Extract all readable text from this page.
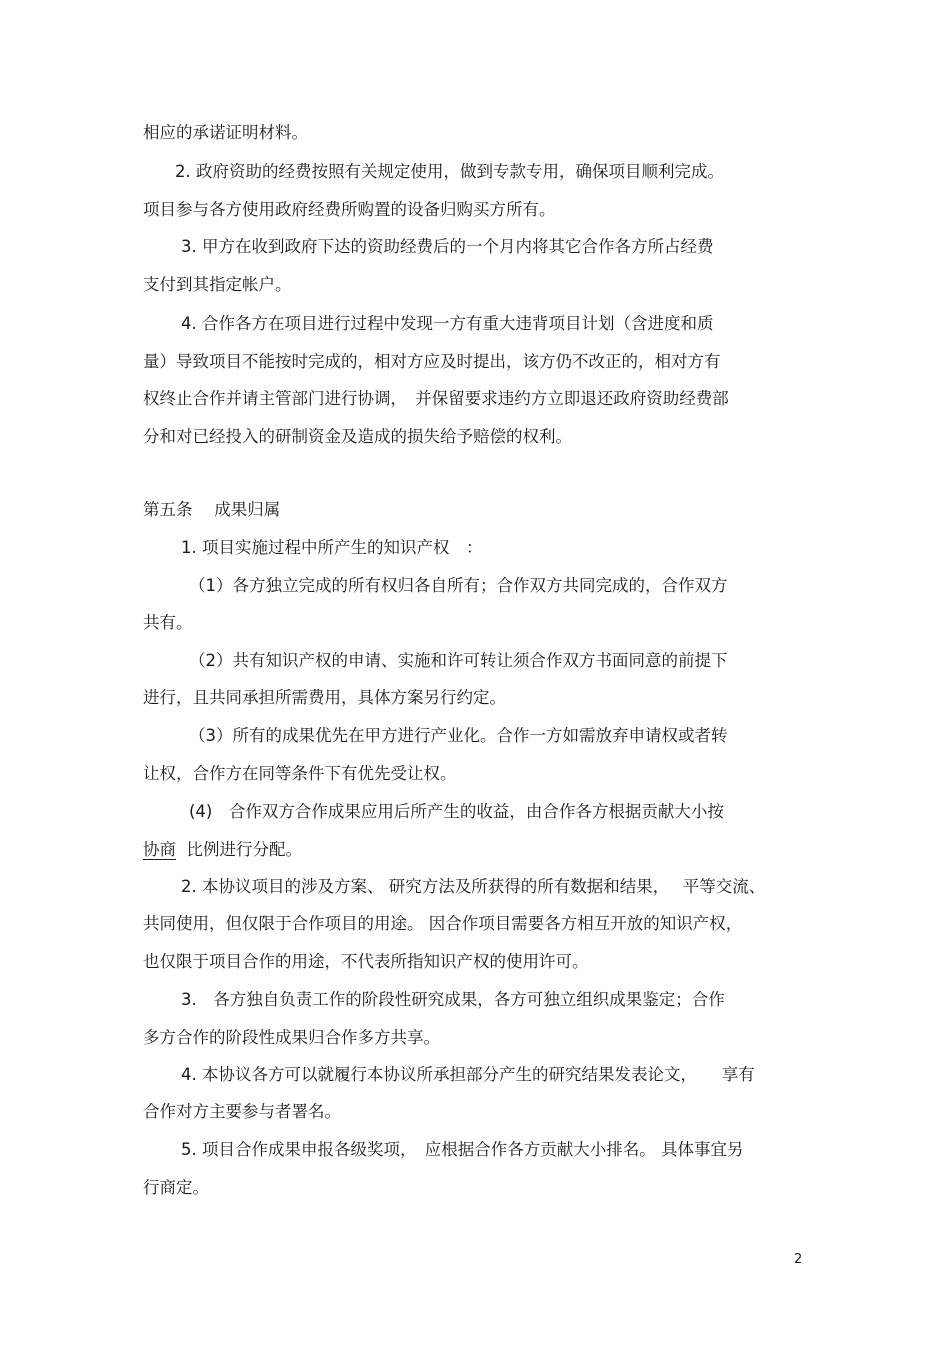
相应的承诺证明材料。
2. 政府资助的经费按照有关规定使用，做到专款专用，确保项目顺利完成。
项目参与各方使用政府经费所购置的设备归购买方所有。
3. 甲方在收到政府下达的资助经费后的一个月内将其它合作各方所占经费
支付到其指定帐户。
4. 合作各方在项目进行过程中发现一方有重大违背项目计划（含进度和质
量）导致项目不能按时完成的，相对方应及时提出，该方仍不改正的，相对方有
权终止合作并请主管部门进行协调，　并保留要求违约方立即退还政府资助经费部
分和对已经投入的研制资金及造成的损失给予赔偿的权利。
第五条　 成果归属
1. 项目实施过程中所产生的知识产权　：
（1）各方独立完成的所有权归各自所有；合作双方共同完成的，合作双方
共有。
（2）共有知识产权的申请、实施和许可转让须合作双方书面同意的前提下
进行，且共同承担所需费用，具体方案另行约定。
（3）所有的成果优先在甲方进行产业化。合作一方如需放弃申请权或者转
让权，合作方在同等条件下有优先受让权。
(4)　合作双方合作成果应用后所产生的收益，由合作各方根据贡献大小按
协商 比例进行分配。
2. 本协议项目的涉及方案、 研究方法及所获得的所有数据和结果，　 平等交流、
共同使用，但仅限于合作项目的用途。 因合作项目需要各方相互开放的知识产权，
也仅限于项目合作的用途，不代表所指知识产权的使用许可。
3.　各方独自负责工作的阶段性研究成果，各方可独立组织成果鉴定；合作
多方合作的阶段性成果归合作多方共享。
4. 本协议各方可以就履行本协议所承担部分产生的研究结果发表论文，　　享有
合作对方主要参与者署名。
5. 项目合作成果申报各级奖项，　应根据合作各方贡献大小排名。 具体事宜另
行商定。
2
